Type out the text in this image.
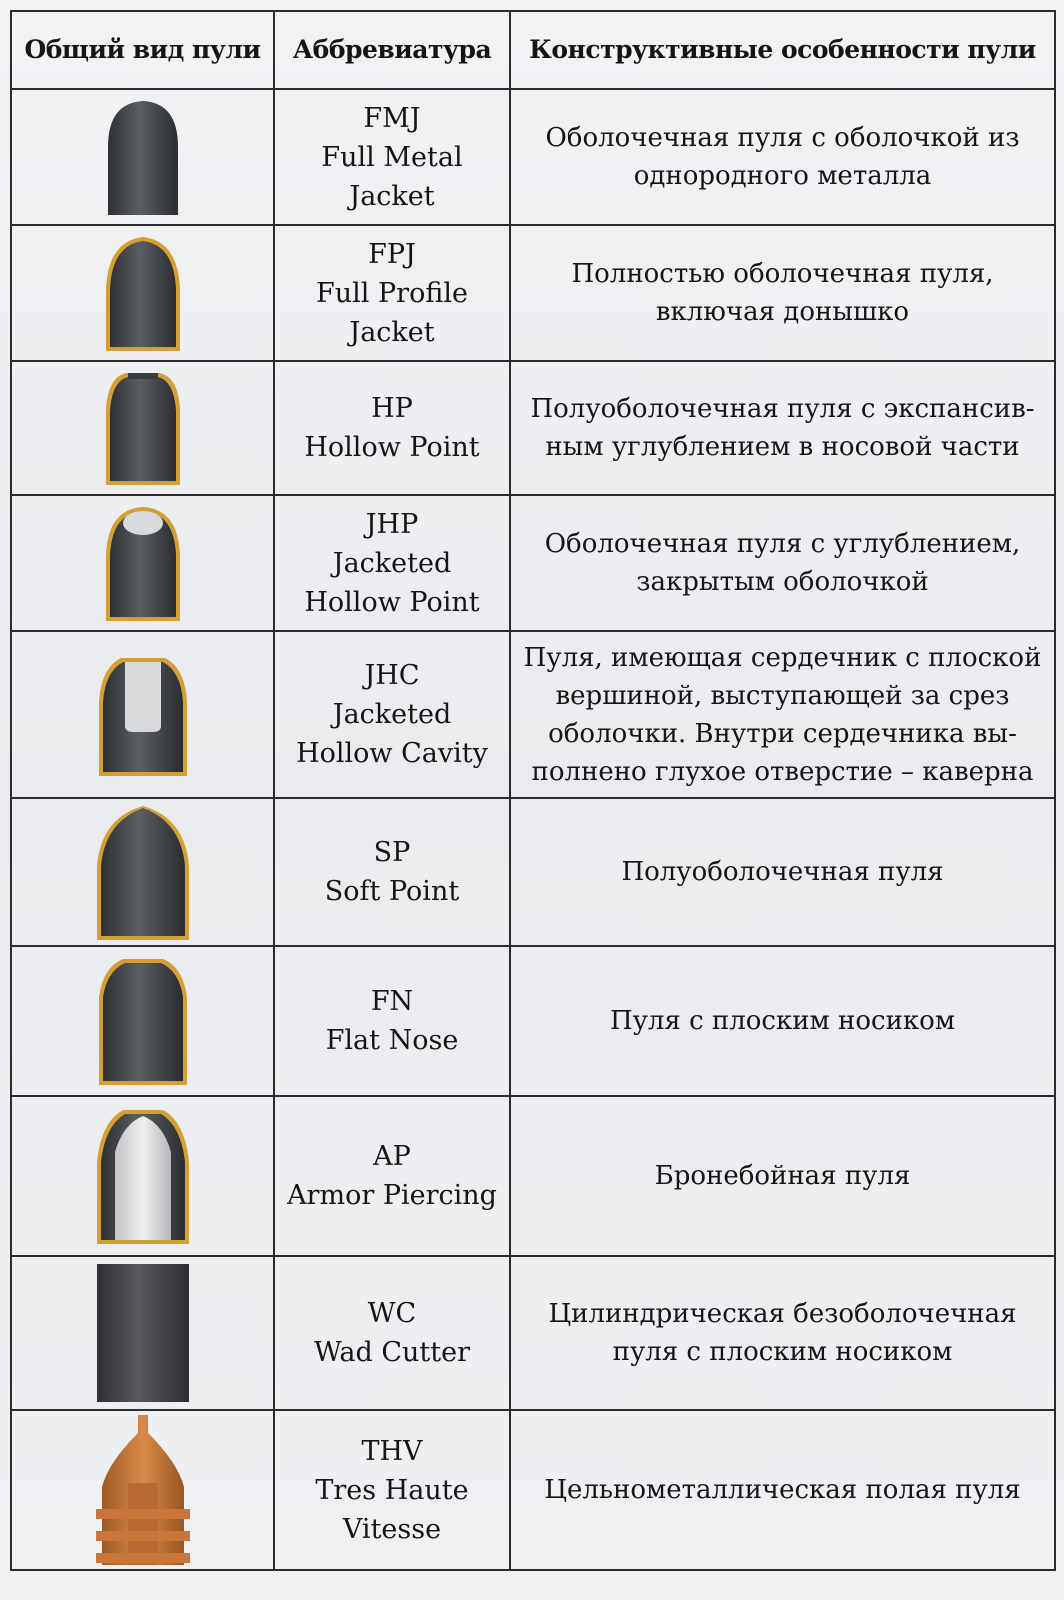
Общий вид пули	Аббревиатура	Конструктивные особенности пули

FMJ
Full Metal Jacket	Оболочечная пуля с оболочкой из однородного металла

FPJ
Full Profile Jacket	Полностью оболочечная пуля, включая донышко

HP
Hollow Point	Полуоболочечная пуля с экспансив-ным углублением в носовой части

JHP
Jacketed Hollow Point	Оболочечная пуля с углублением, закрытым оболочкой

JHC
Jacketed Hollow Cavity	Пуля, имеющая сердечник с плоской вершиной, выступающей за срез оболочки. Внутри сердечника вы-полнено глухое отверстие – каверна

SP
Soft Point	Полуоболочечная пуля

FN
Flat Nose	Пуля с плоским носиком

AP
Armor Piercing	Бронебойная пуля

WC
Wad Cutter	Цилиндрическая безоболочечная пуля с плоским носиком

THV
Tres Haute Vitesse	Цельнометаллическая полая пуля
